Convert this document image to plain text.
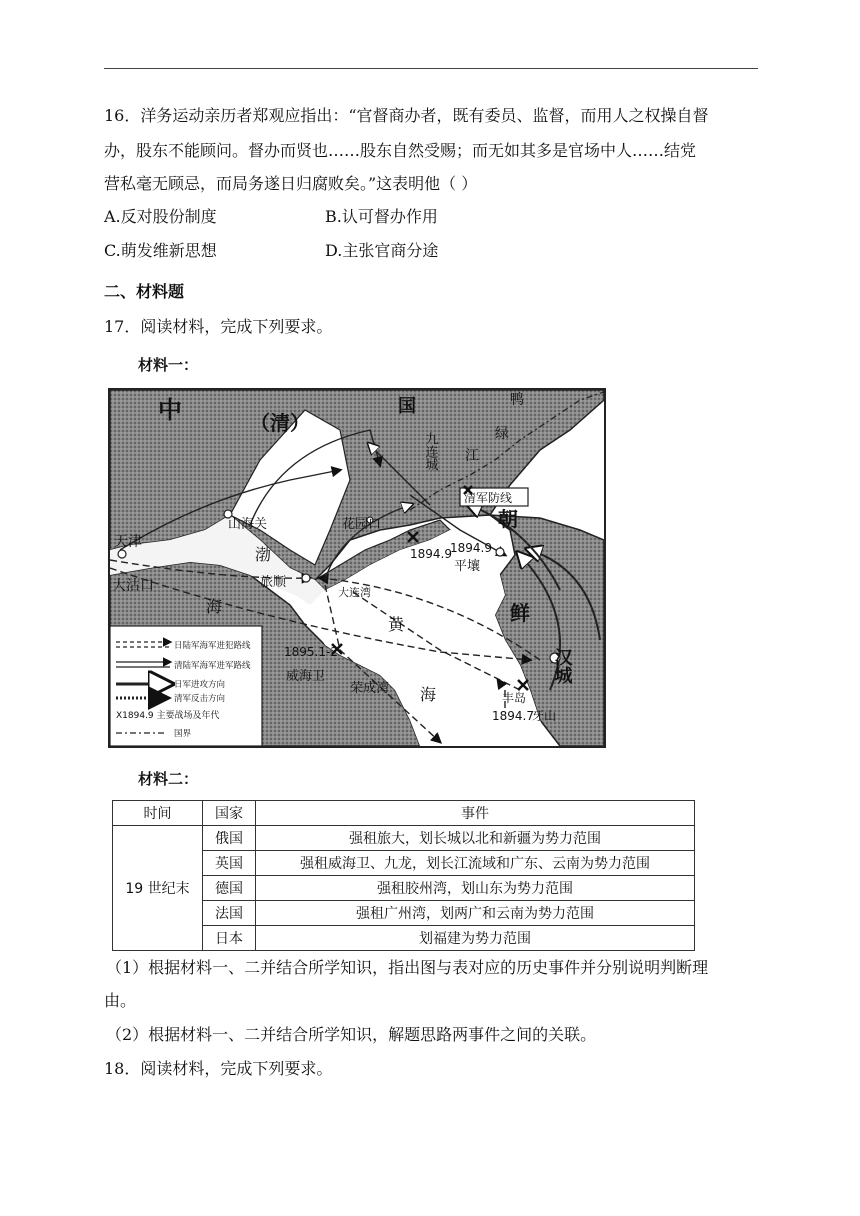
16．洋务运动亲历者郑观应指出：“官督商办者，既有委员、监督，而用人之权操自督
办，股东不能顾问。督办而贤也……股东自然受赐；而无如其多是官场中人……结党
营私毫无顾忌，而局务遂日归腐败矣。”这表明他（ ）
A.反对股份制度	B.认可督办作用
C.萌发维新思想	D.主张官商分途
二、材料题
17．阅读材料，完成下列要求。
材料一：
中	（清）
国	鸭
绿
江
九连城
清军防线
朝
鲜
花园口
山海关
天津
大沽口
渤
海
旅顺
大连湾
黄
海
平壤
1894.9
1894.9
1895.1-2
威海卫
荣成湾
汉城
丰岛
牙山
1894.7
日陆军海军进犯路线
清陆军海军进军路线
日军进攻方向
清军反击方向
X1894.9 主要战场及年代
国界
材料二：
时间	国家	事件
19 世纪末	俄国	强租旅大，划长城以北和新疆为势力范围
	英国	强租威海卫、九龙，划长江流域和广东、云南为势力范围
	德国	强租胶州湾，划山东为势力范围
	法国	强租广州湾，划两广和云南为势力范围
	日本	划福建为势力范围
（1）根据材料一、二并结合所学知识，指出图与表对应的历史事件并分别说明判断理
由。
（2）根据材料一、二并结合所学知识，解题思路两事件之间的关联。
18．阅读材料，完成下列要求。
